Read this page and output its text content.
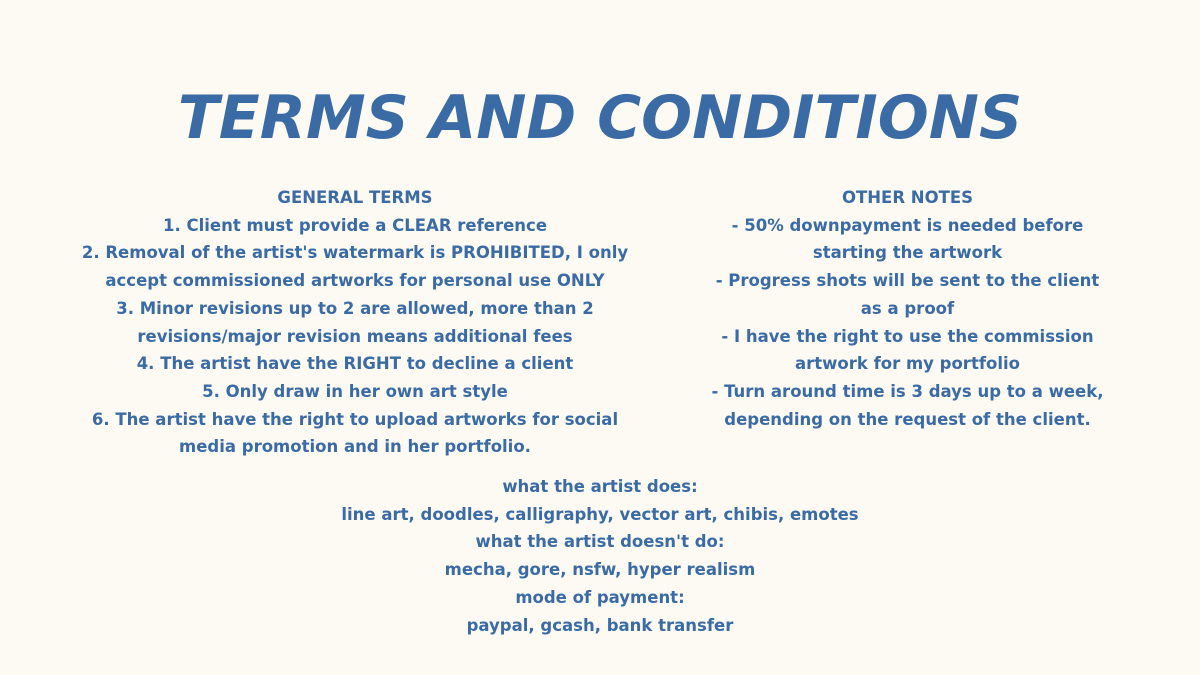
TERMS AND CONDITIONS
GENERAL TERMS
1. Client must provide a CLEAR reference
2. Removal of the artist's watermark is PROHIBITED, I only
accept commissioned artworks for personal use ONLY
3. Minor revisions up to 2 are allowed, more than 2
revisions/major revision means additional fees
4. The artist have the RIGHT to decline a client
5. Only draw in her own art style
6. The artist have the right to upload artworks for social
media promotion and in her portfolio.
OTHER NOTES
- 50% downpayment is needed before
starting the artwork
- Progress shots will be sent to the client
as a proof
- I have the right to use the commission
artwork for my portfolio
- Turn around time is 3 days up to a week,
depending on the request of the client.
what the artist does:
line art, doodles, calligraphy, vector art, chibis, emotes
what the artist doesn't do:
mecha, gore, nsfw, hyper realism
mode of payment:
paypal, gcash, bank transfer
